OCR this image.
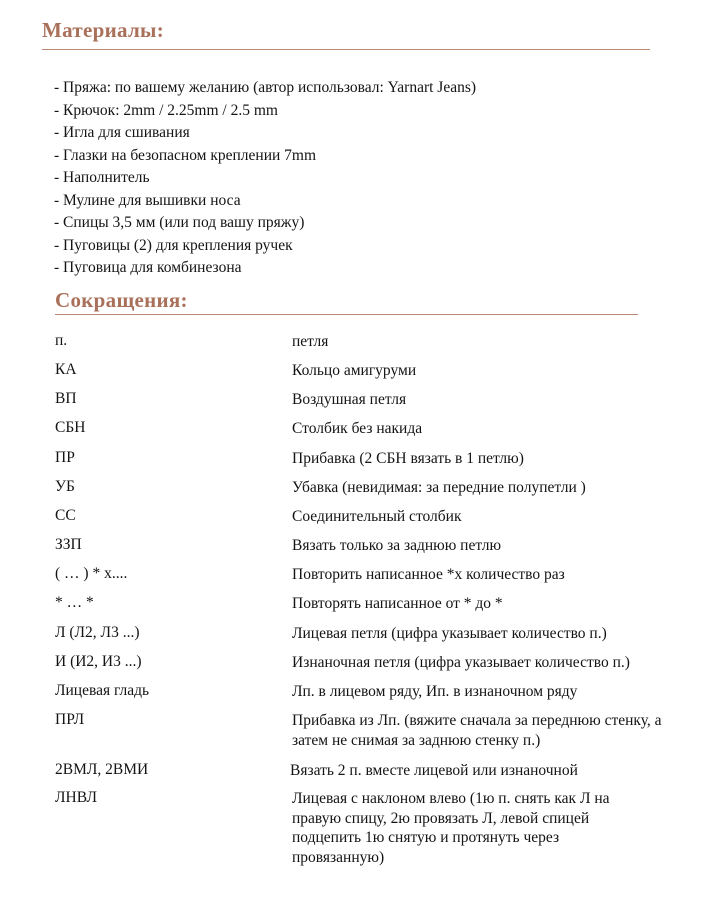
Материалы:
- Пряжа: по вашему желанию (автор использовал: Yarnart Jeans)
- Крючок: 2mm / 2.25mm / 2.5 mm
- Игла для сшивания
- Глазки на безопасном креплении 7mm
- Наполнитель
- Мулине для вышивки носа
- Спицы 3,5 мм (или под вашу пряжу)
- Пуговицы (2) для крепления ручек
- Пуговица для комбинезона
Сокращения:
п.	петля
КА	Кольцо амигуруми
ВП	Воздушная петля
СБН	Столбик без накида
ПР	Прибавка (2 СБН вязать в 1 петлю)
УБ	Убавка (невидимая: за передние полупетли )
СС	Соединительный столбик
ЗЗП	Вязать только за заднюю петлю
( … ) * x....	Повторить написанное *х количество раз
* … *	Повторять написанное от * до *
Л (Л2, Л3 ...)	Лицевая петля (цифра указывает количество п.)
И (И2, И3 ...)	Изнаночная петля (цифра указывает количество п.)
Лицевая гладь	Лп. в лицевом ряду, Ип. в изнаночном ряду
ПРЛ	Прибавка из Лп. (вяжите сначала за переднюю стенку, а затем не снимая за заднюю стенку п.)
2ВМЛ, 2ВМИ	Вязать 2 п. вместе лицевой или изнаночной
ЛНВЛ	Лицевая с наклоном влево (1ю п. снять как Л на правую спицу, 2ю провязать Л, левой спицей подцепить 1ю снятую и протянуть через провязанную)
